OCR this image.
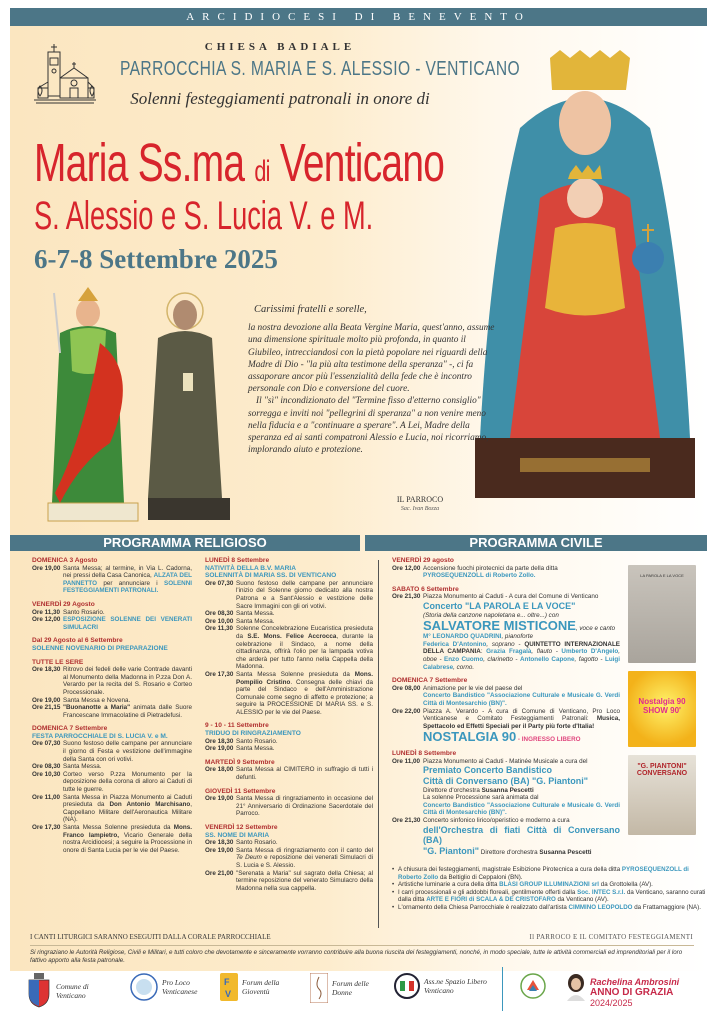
ARCIDIOCESI DI BENEVENTO
CHIESA BADIALE
PARROCCHIA S. MARIA E S. ALESSIO - VENTICANO
Solenni festeggiamenti patronali in onore di
Maria Ss.ma di Venticano
S. Alessio e S. Lucia V. e M.
6-7-8 Settembre 2025
Carissimi fratelli e sorelle,

la nostra devozione alla Beata Vergine Maria, quest'anno, assume una dimensione spirituale molto più profonda, in quanto il Giubileo, intrecciandosi con la pietà popolare nei riguardi della Madre di Dio - "la più alta testimone della speranza" -, ci fa assaporare ancor più l'essenzialità della fede che è incontro personale con Dio e conversione del cuore.

Il "sì" incondizionato del "Termine fisso d'etterno consiglio" sorregga e inviti noi "pellegrini di speranza" a non venire meno nella fiducia e a "continuare a sperare". A Lei, Madre della speranza ed ai santi compatroni Alessio e Lucia, noi ricorriamo, implorando aiuto e protezione.

IL PARROCO
Sac. Ivan Bozza
PROGRAMMA RELIGIOSO	PROGRAMMA CIVILE
DOMENICA 3 Agosto
Ore 19,00 Santa Messa; al termine, in Via L. Cadorna, nei pressi della Casa Canonica, ALZATA DEL PANNETTO per annunciare i SOLENNI FESTEGGIAMENTI PATRONALI.
VENERDÌ 29 Agosto
Ore 11,30 Santo Rosario.
Ore 12,00 ESPOSIZIONE SOLENNE DEI VENERATI SIMULACRI
Dal 29 Agosto al 6 Settembre
SOLENNE NOVENARIO DI PREPARAZIONE
TUTTE LE SERE
Ore 18,30 Ritrovo dei fedeli delle varie Contrade davanti al Monumento della Madonna in P.zza Don A. Verardo per la recita del S. Rosario e Corteo Processionale.
Ore 19,00 Santa Messa e Novena.
Ore 21,15 "Buonanotte a Maria" animata dalle Suore Francescane Immacolatine di Pietradefusi.
DOMENICA 7 Settembre
FESTA PARROCCHIALE DI S. LUCIA V. e M.
Ore 07,30 Suono festoso delle campane per annunciare il giorno di Festa e vestizione dell'immagine della Santa con ori votivi.
Ore 08,30 Santa Messa.
Ore 10,30 Corteo verso P.zza Monumento per la deposizione della corona di alloro ai Caduti di tutte le guerre.
Ore 11,00 Santa Messa in Piazza Monumento ai Caduti presieduta da Don Antonio Marchisano, Cappellano Militare dell'Aeronautica Militare (NA).
Ore 17,30 Santa Messa Solenne presieduta da Mons. Franco Iampietro, Vicario Generale della nostra Arcidiocesi; a seguire la Processione in onore di Santa Lucia per le vie del Paese.
LUNEDÌ 8 Settembre
NATIVITÀ DELLA B.V. MARIA
SOLENNITÀ DI MARIA SS. DI VENTICANO
Ore 07,30 Suono festoso delle campane per annunciare l'inizio del Solenne giorno dedicato alla nostra Patrona e a Sant'Alessio e vestizione delle Sacre Immagini con gli ori votivi.
Ore 08,30 Santa Messa.
Ore 10,00 Santa Messa.
Ore 11,30 Solenne Concelebrazione Eucaristica presieduta da S.E. Mons. Felice Accrocca, durante la celebrazione il Sindaco, a nome della cittadinanza, offrirà l'olio per la lampada votiva che arderà per tutto l'anno nella Cappella della Madonna.
Ore 17,30 Santa Messa Solenne presieduta da Mons. Pompilio Cristino. Consegna delle chiavi da parte del Sindaco e dell'Amministrazione Comunale come segno di affetto e protezione; a seguire la PROCESSIONE DI MARIA SS. e S. ALESSIO per le vie del Paese.
9 - 10 - 11 Settembre
TRIDUO DI RINGRAZIAMENTO
Ore 18,30 Santo Rosario.
Ore 19,00 Santa Messa.
MARTEDÌ 9 Settembre
Ore 18,00 Santa Messa al CIMITERO in suffragio di tutti i defunti.
GIOVEDÌ 11 Settembre
Ore 19,00 Santa Messa di ringraziamento in occasione del 21° Anniversario di Ordinazione Sacerdotale del Parroco.
VENERDÌ 12 Settembre
SS. NOME DI MARIA
Ore 18,30 Santo Rosario.
Ore 19,00 Santa Messa di ringraziamento con il canto del Te Deum e reposizione dei venerati Simulacri di S. Lucia e S. Alessio.
Ore 21,00 "Serenata a Maria" sul sagrato della Chiesa; al termine reposizione del venerato Simulacro della Madonna nella sua cappella.
VENERDÌ 29 agosto
Ore 12,00 Accensione fuochi pirotecnici da parte della ditta
PYROSEQUENZOLL di Roberto Zollo.
SABATO 6 Settembre
Ore 21,30 Piazza Monumento ai Caduti - A cura del Comune di Venticano
Concerto "LA PAROLA E LA VOCE"
(Storia della canzone napoletana e... oltre...) con
SALVATORE MISTICONE, voce e canto
M° LEONARDO QUADRINI, pianoforte
Federica D'Antonino, soprano - QUINTETTO INTERNAZIONALE DELLA CAMPANIA: Grazia Fragalà, flauto - Umberto D'Angelo, oboe - Enzo Cuomo, clarinetto - Antonello Capone, fagotto - Luigi Calabrese, corno.
DOMENICA 7 Settembre
Ore 08,00 Animazione per le vie del paese del
Concerto Bandistico "Associazione Culturale e Musicale G. Verdi Città di Montesarchio (BN)".
Ore 22,00 Piazza A. Verardo - A cura di Comune di Venticano, Pro Loco Venticanese e Comitato Festeggiamenti Patronali: Musica, Spettacolo ed Effetti Speciali per il Party più forte d'Italia!
NOSTALGIA 90 - INGRESSO LIBERO
LUNEDÌ 8 Settembre
Ore 11,00 Piazza Monumento ai Caduti - Matinée Musicale a cura del
Premiato Concerto Bandistico
Città di Conversano (BA) "G. Piantoni"
Direttore d'orchestra Susanna Pescetti
La solenne Processione sarà animata dal
Concerto Bandistico "Associazione Culturale e Musicale G. Verdi Città di Montesarchio (BN)".
Ore 21,30 Concerto sinfonico lirico/operistico e moderno a cura
dell'Orchestra di fiati Città di Conversano (BA)
"G. Piantoni" Direttore d'orchestra Susanna Pescetti
LA PAROLA E LA VOCE
Nostalgia 90 SHOW 90'
"G. PIANTONI" CONVERSANO
• A chiusura dei festeggiamenti, magistrale Esibizione Pirotecnica a cura della ditta PYROSEQUENZOLL di Roberto Zollo da Beltiglio di Ceppaloni (BN).
• Artistiche luminarie a cura della ditta BLASI GROUP ILLUMINAZIONI srl da Grottolella (AV).
• I carri processionali e gli addobbi floreali, gentilmente offerti dalla Soc. INTEC S.r.l. da Venticano, saranno curati dalla ditta ARTE E FIORI di SCALA & DE CRISTOFARO da Venticano (AV).
• L'ornamento della Chiesa Parrocchiale è realizzato dall'artista CIMMINO LEOPOLDO da Frattamaggiore (NA).
I CANTI LITURGICI SARANNO ESEGUITI DALLA CORALE PARROCCHIALE	Il PARROCO E IL COMITATO FESTEGGIAMENTI
Si ringraziano le Autorità Religiose, Civili e Militari, e tutti coloro che devotamente e sinceramente vorranno contribuire alla buona riuscita dei festeggiamenti, nonché, in modo speciale, tutte le attività commerciali ed imprenditoriali per il loro fattivo apporto alla festa patronale.
Comune di Venticano
Pro Loco Venticanese
F
V
Forum della Gioventù
Forum delle Donne
Ass.ne Spazio Libero Venticano
Rachelina Ambrosini
ANNO DI GRAZIA
2024/2025
